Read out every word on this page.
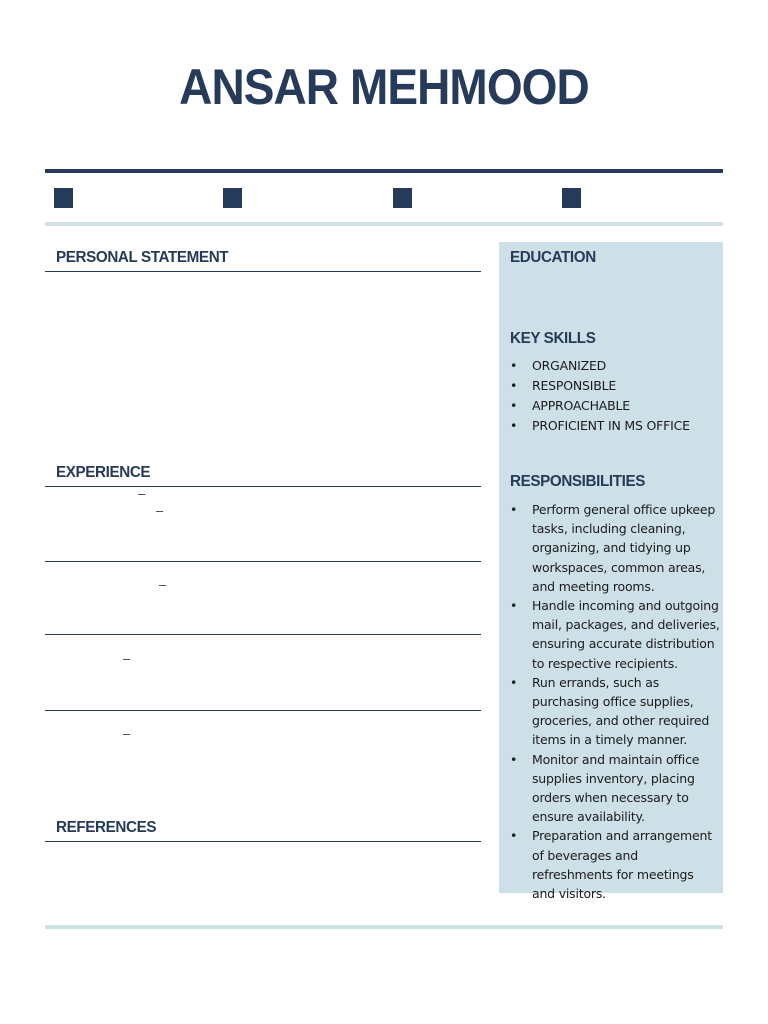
ANSAR MEHMOOD
PERSONAL STATEMENT
EXPERIENCE
–
–
–
–
–
REFERENCES
EDUCATION
KEY SKILLS
• ORGANIZED
• RESPONSIBLE
• APPROACHABLE
• PROFICIENT IN MS OFFICE
RESPONSIBILITIES
• Perform general office upkeep tasks, including cleaning, organizing, and tidying up workspaces, common areas, and meeting rooms.
• Handle incoming and outgoing mail, packages, and deliveries, ensuring accurate distribution to respective recipients.
• Run errands, such as purchasing office supplies, groceries, and other required items in a timely manner.
• Monitor and maintain office supplies inventory, placing orders when necessary to ensure availability.
• Preparation and arrangement of beverages and refreshments for meetings and visitors.
